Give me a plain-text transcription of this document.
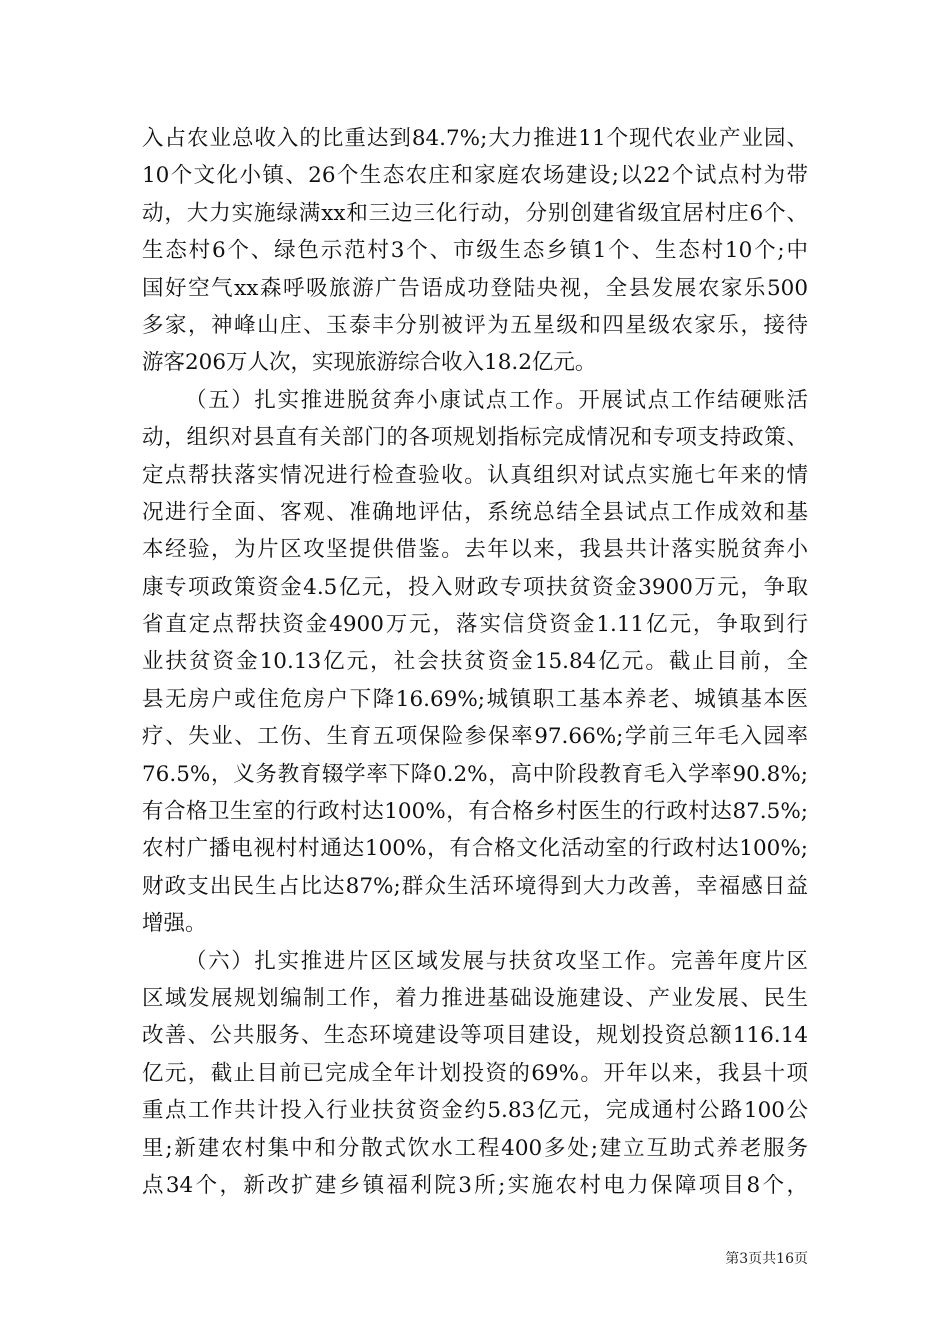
入占农业总收入的比重达到84.7%;大力推进11个现代农业产业园、
10个文化小镇、26个生态农庄和家庭农场建设;以22个试点村为带
动，大力实施绿满xx和三边三化行动，分别创建省级宜居村庄6个、
生态村6个、绿色示范村3个、市级生态乡镇1个、生态村10个;中
国好空气xx森呼吸旅游广告语成功登陆央视，全县发展农家乐500
多家，神峰山庄、玉泰丰分别被评为五星级和四星级农家乐，接待
游客206万人次，实现旅游综合收入18.2亿元。
（五）扎实推进脱贫奔小康试点工作。开展试点工作结硬账活
动，组织对县直有关部门的各项规划指标完成情况和专项支持政策、
定点帮扶落实情况进行检查验收。认真组织对试点实施七年来的情
况进行全面、客观、准确地评估，系统总结全县试点工作成效和基
本经验，为片区攻坚提供借鉴。去年以来，我县共计落实脱贫奔小
康专项政策资金4.5亿元，投入财政专项扶贫资金3900万元，争取
省直定点帮扶资金4900万元，落实信贷资金1.11亿元，争取到行
业扶贫资金10.13亿元，社会扶贫资金15.84亿元。截止目前，全
县无房户或住危房户下降16.69%;城镇职工基本养老、城镇基本医
疗、失业、工伤、生育五项保险参保率97.66%;学前三年毛入园率
76.5%，义务教育辍学率下降0.2%，高中阶段教育毛入学率90.8%;
有合格卫生室的行政村达100%，有合格乡村医生的行政村达87.5%;
农村广播电视村村通达100%，有合格文化活动室的行政村达100%;
财政支出民生占比达87%;群众生活环境得到大力改善，幸福感日益
增强。
（六）扎实推进片区区域发展与扶贫攻坚工作。完善年度片区
区域发展规划编制工作，着力推进基础设施建设、产业发展、民生
改善、公共服务、生态环境建设等项目建设，规划投资总额116.14
亿元，截止目前已完成全年计划投资的69%。开年以来，我县十项
重点工作共计投入行业扶贫资金约5.83亿元，完成通村公路100公
里;新建农村集中和分散式饮水工程400多处;建立互助式养老服务
点34个，新改扩建乡镇福利院3所;实施农村电力保障项目8个，
第3页共16页
